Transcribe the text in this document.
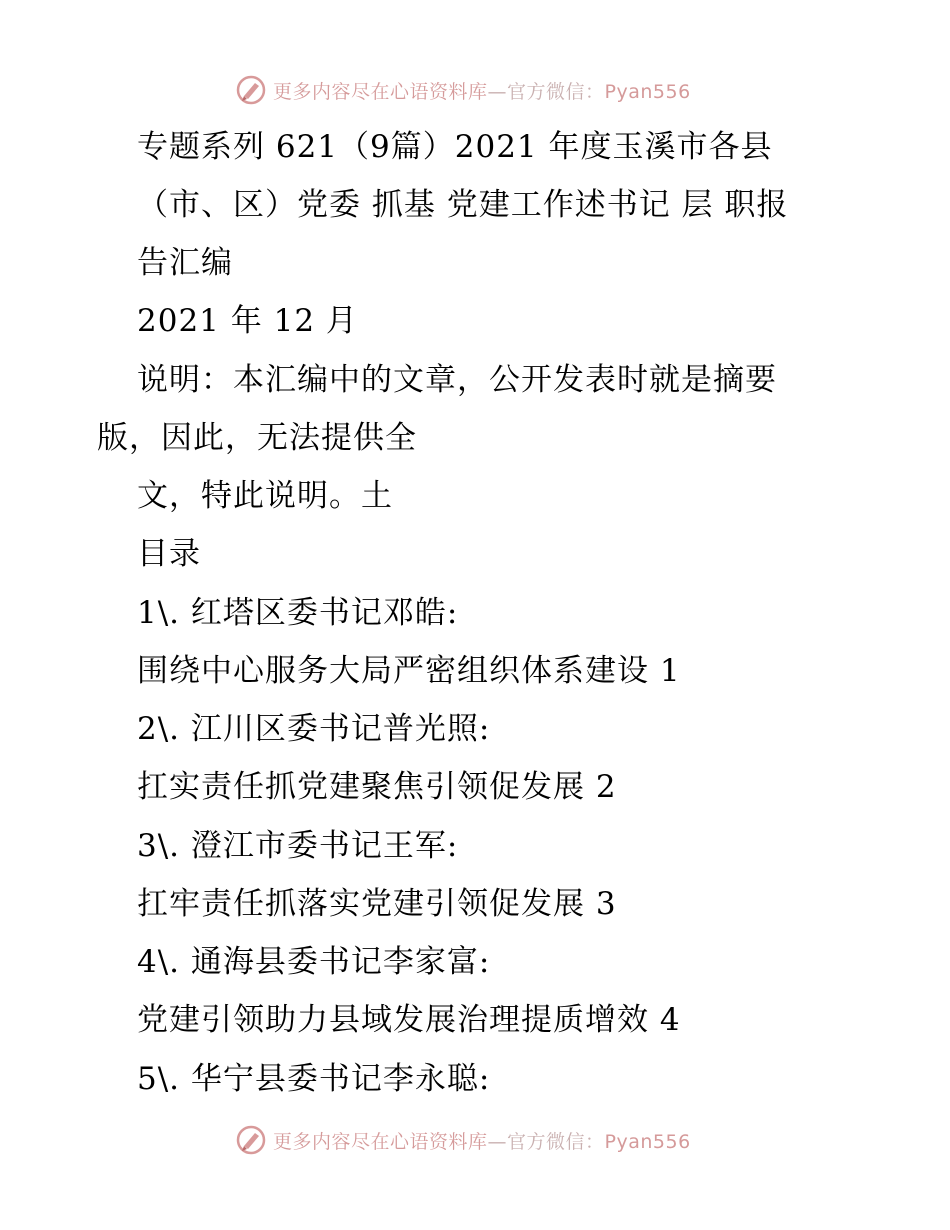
更多内容尽在心语资料库—官方微信：Pyan556
专题系列 621（9篇）2021 年度玉溪市各县
（市、区）党委 抓基 党建工作述书记 层 职报
告汇编
2021 年 12 月
说明：本汇编中的文章，公开发表时就是摘要
版，因此，无法提供全
文，特此说明。土
目录
1\. 红塔区委书记邓皓:
围绕中心服务大局严密组织体系建设 1
2\. 江川区委书记普光照:
扛实责任抓党建聚焦引领促发展 2
3\. 澄江市委书记王军:
扛牢责任抓落实党建引领促发展 3
4\. 通海县委书记李家富:
党建引领助力县域发展治理提质增效 4
5\. 华宁县委书记李永聪:
更多内容尽在心语资料库—官方微信：Pyan556
